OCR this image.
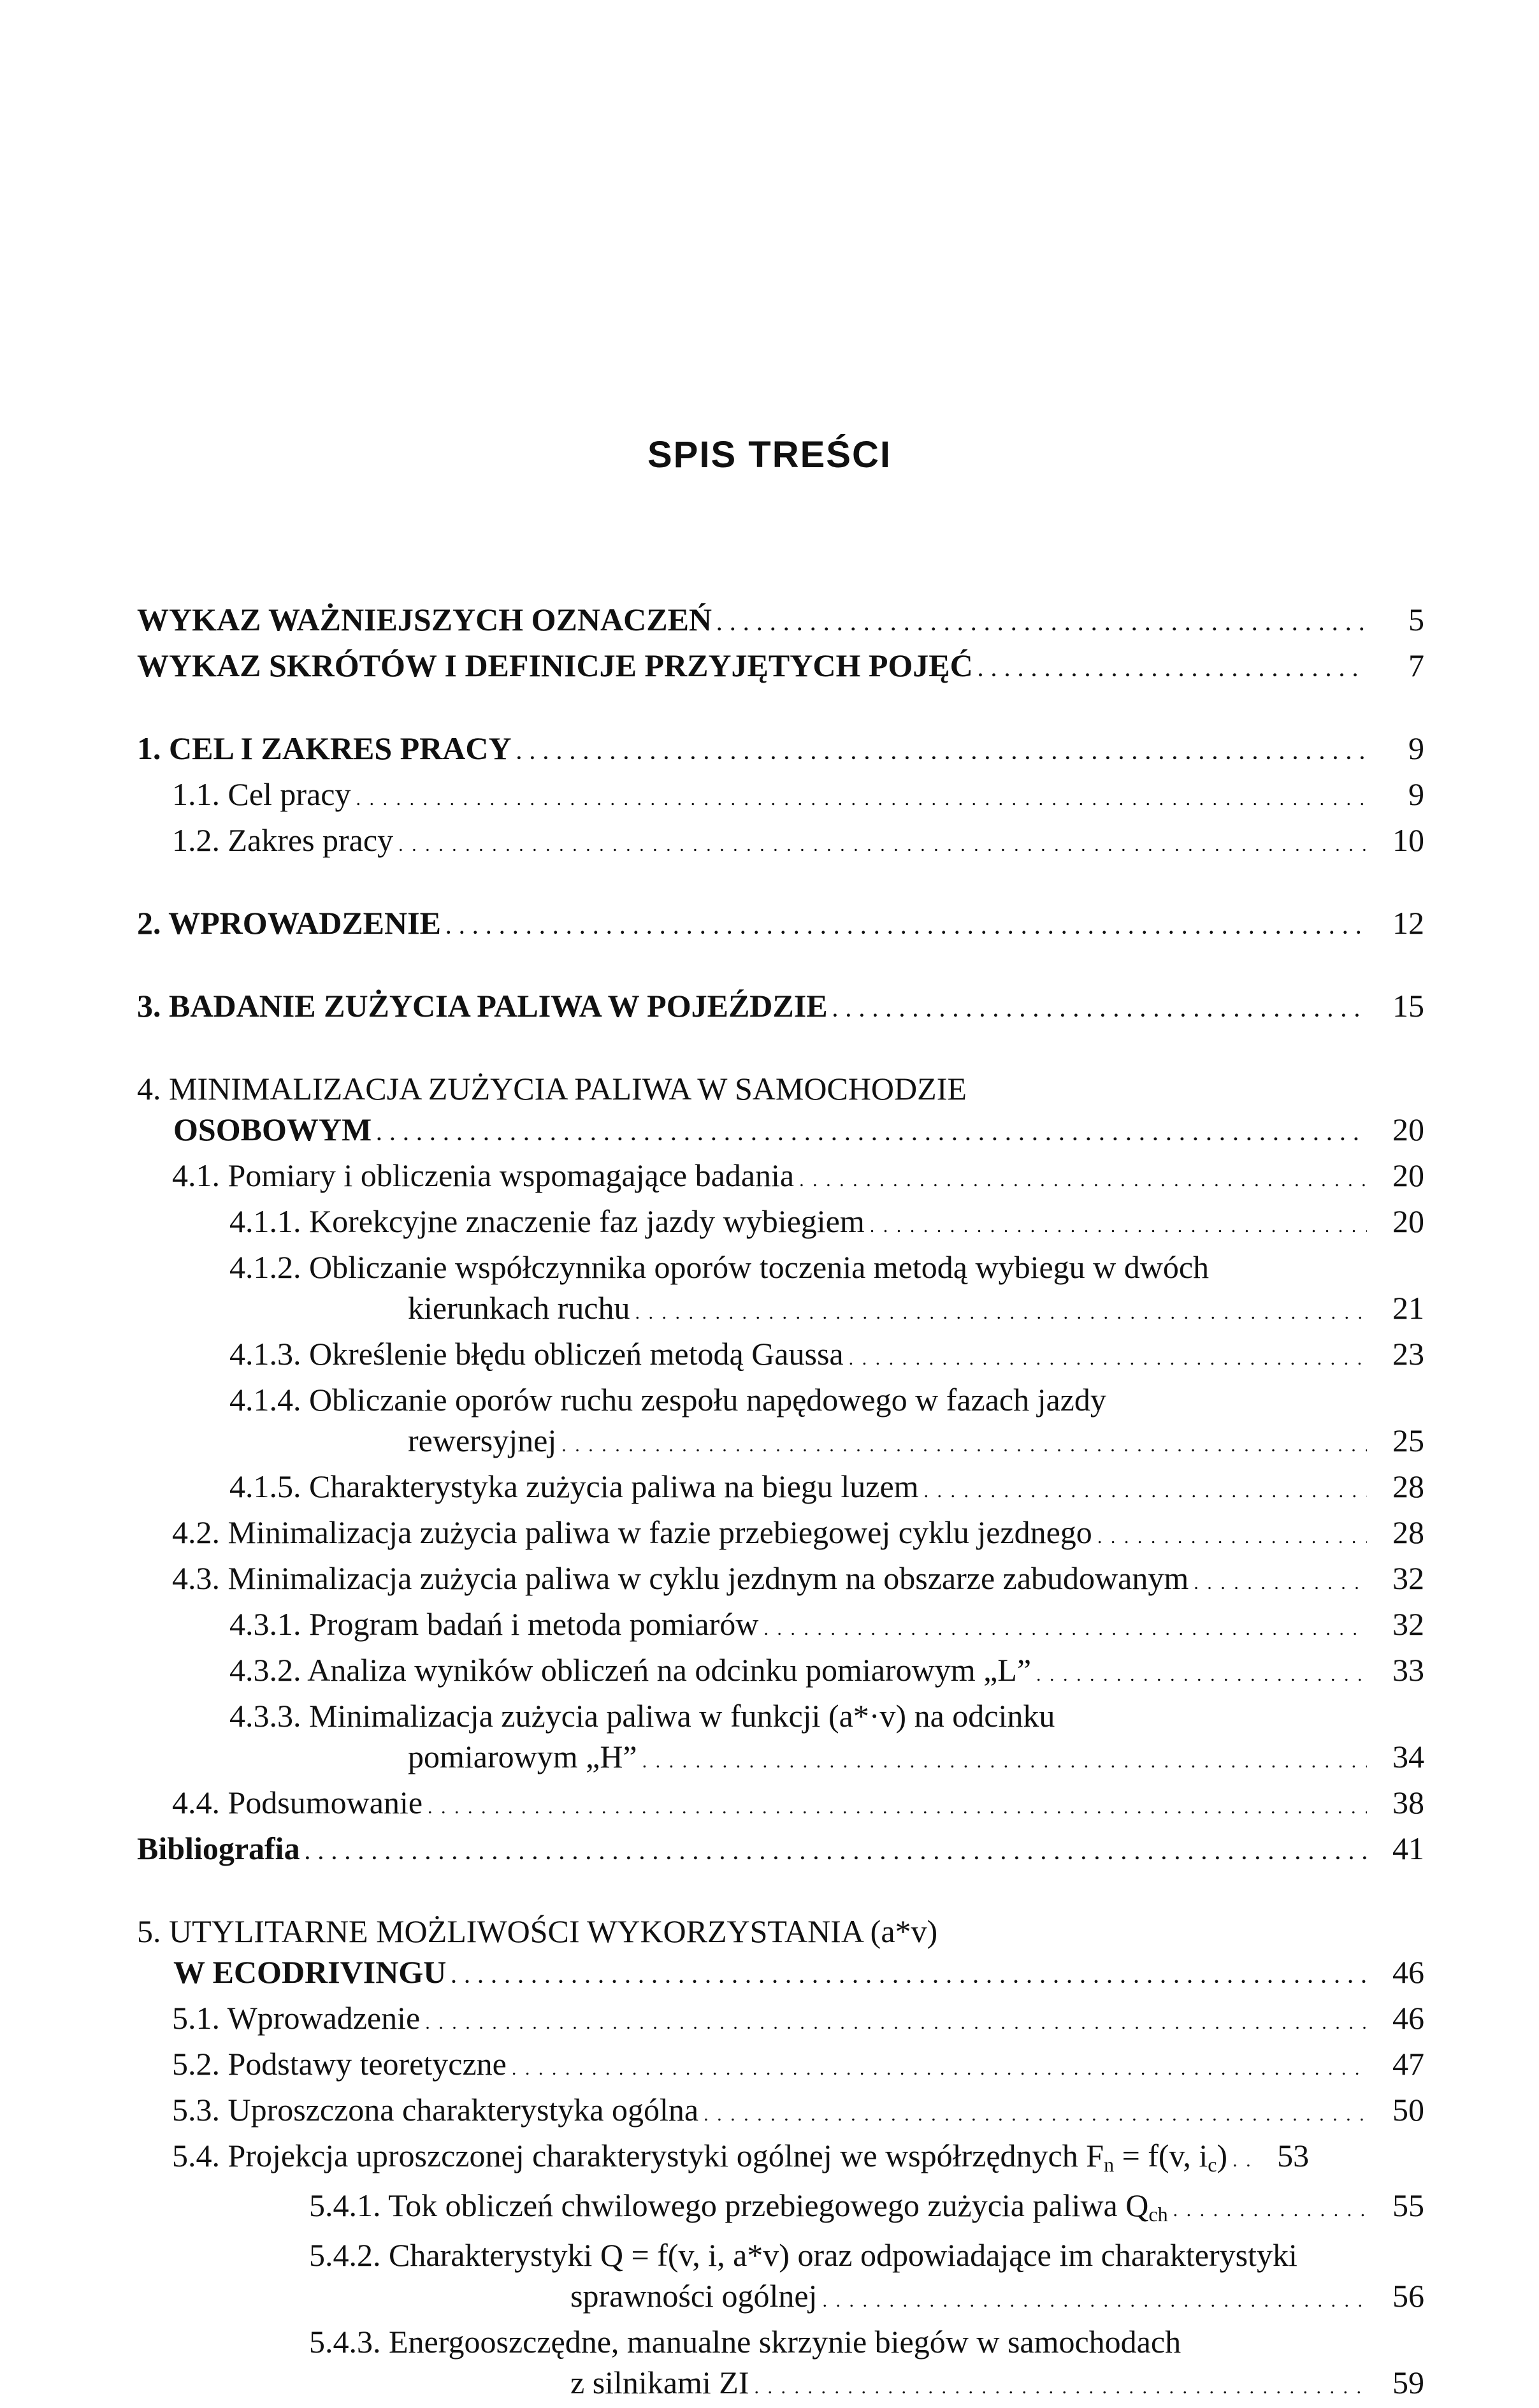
SPIS TREŚCI
WYKAZ WAŻNIEJSZYCH OZNACZEŃ . . .	5
WYKAZ SKRÓTÓW I DEFINICJE PRZYJĘTYCH POJĘĆ . . .	7
1. CEL I ZAKRES PRACY . . .	9
1.1. Cel pracy . . .	9
1.2. Zakres pracy . . .	10
2. WPROWADZENIE . . .	12
3. BADANIE ZUŻYCIA PALIWA W POJEŹDZIE . . .	15
4. MINIMALIZACJA ZUŻYCIA PALIWA W SAMOCHODZIE
OSOBOWYM . . .	20
4.1. Pomiary i obliczenia wspomagające badania . . .	20
4.1.1. Korekcyjne znaczenie faz jazdy wybiegiem . . .	20
4.1.2. Obliczanie współczynnika oporów toczenia metodą wybiegu w dwóch
kierunkach ruchu . . .	21
4.1.3. Określenie błędu obliczeń metodą Gaussa . . .	23
4.1.4. Obliczanie oporów ruchu zespołu napędowego w fazach jazdy
rewersyjnej . . .	25
4.1.5. Charakterystyka zużycia paliwa na biegu luzem . . .	28
4.2. Minimalizacja zużycia paliwa w fazie przebiegowej cyklu jezdnego . . .	28
4.3. Minimalizacja zużycia paliwa w cyklu jezdnym na obszarze zabudowanym . . .	32
4.3.1. Program badań i metoda pomiarów . . .	32
4.3.2. Analiza wyników obliczeń na odcinku pomiarowym „L” . . .	33
4.3.3. Minimalizacja zużycia paliwa w funkcji (a*·v) na odcinku
pomiarowym „H” . . .	34
4.4. Podsumowanie . . .	38
Bibliografia . . .	41
5. UTYLITARNE MOŻLIWOŚCI WYKORZYSTANIA (a*v)
W ECODRIVINGU . . .	46
5.1. Wprowadzenie . . .	46
5.2. Podstawy teoretyczne . . .	47
5.3. Uproszczona charakterystyka ogólna . . .	50
5.4. Projekcja uproszczonej charakterystyki ogólnej we współrzędnych $F_n = f(v$, $i_c$) . . .	53
5.4.1. Tok obliczeń chwilowego przebiegowego zużycia paliwa $Q_{ch}$ . . .	55
5.4.2. Charakterystyki Q = f(v, i, a*v) oraz odpowiadające im charakterystyki
sprawności ogólnej . . .	56
5.4.3. Energooszczędne, manualne skrzynie biegów w samochodach
z silnikami ZI . . .	59
